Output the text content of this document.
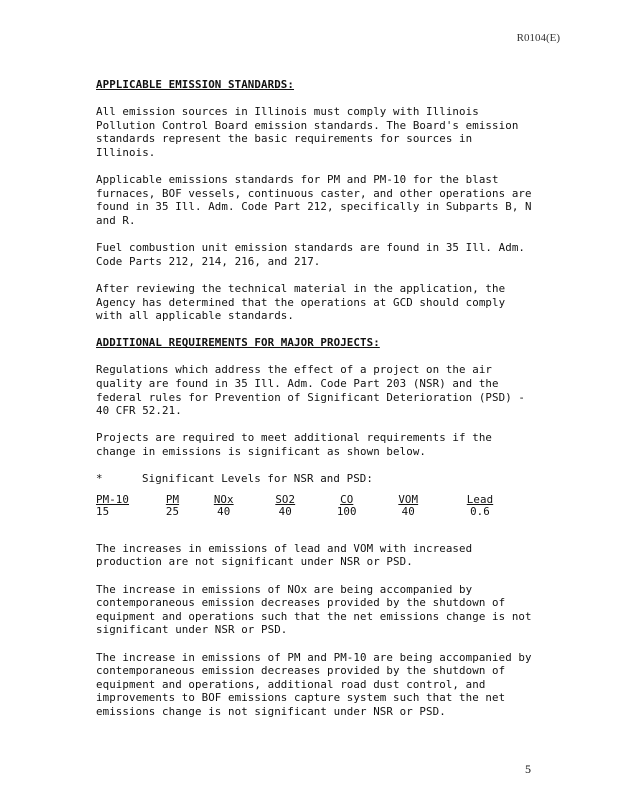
R0104(E)

APPLICABLE EMISSION STANDARDS:

All emission sources in Illinois must comply with Illinois Pollution Control Board emission standards. The Board's emission standards represent the basic requirements for sources in Illinois.

Applicable emissions standards for PM and PM-10 for the blast furnaces, BOF vessels, continuous caster, and other operations are found in 35 Ill. Adm. Code Part 212, specifically in Subparts B, N and R.

Fuel combustion unit emission standards are found in 35 Ill. Adm. Code Parts 212, 214, 216, and 217.

After reviewing the technical material in the application, the Agency has determined that the operations at GCD should comply with all applicable standards.

ADDITIONAL REQUIREMENTS FOR MAJOR PROJECTS:

Regulations which address the effect of a project on the air quality are found in 35 Ill. Adm. Code Part 203 (NSR) and the federal rules for Prevention of Significant Deterioration (PSD) - 40 CFR 52.21.

Projects are required to meet additional requirements if the change in emissions is significant as shown below.

*	Significant Levels for NSR and PSD:
PM-10	PM	NOx	SO2	CO	VOM	Lead
15	25	40	40	100	40	0.6

The increases in emissions of lead and VOM with increased production are not significant under NSR or PSD.

The increase in emissions of NOx are being accompanied by contemporaneous emission decreases provided by the shutdown of equipment and operations such that the net emissions change is not significant under NSR or PSD.

The increase in emissions of PM and PM-10 are being accompanied by contemporaneous emission decreases provided by the shutdown of equipment and operations, additional road dust control, and improvements to BOF emissions capture system such that the net emissions change is not significant under NSR or PSD.

5
